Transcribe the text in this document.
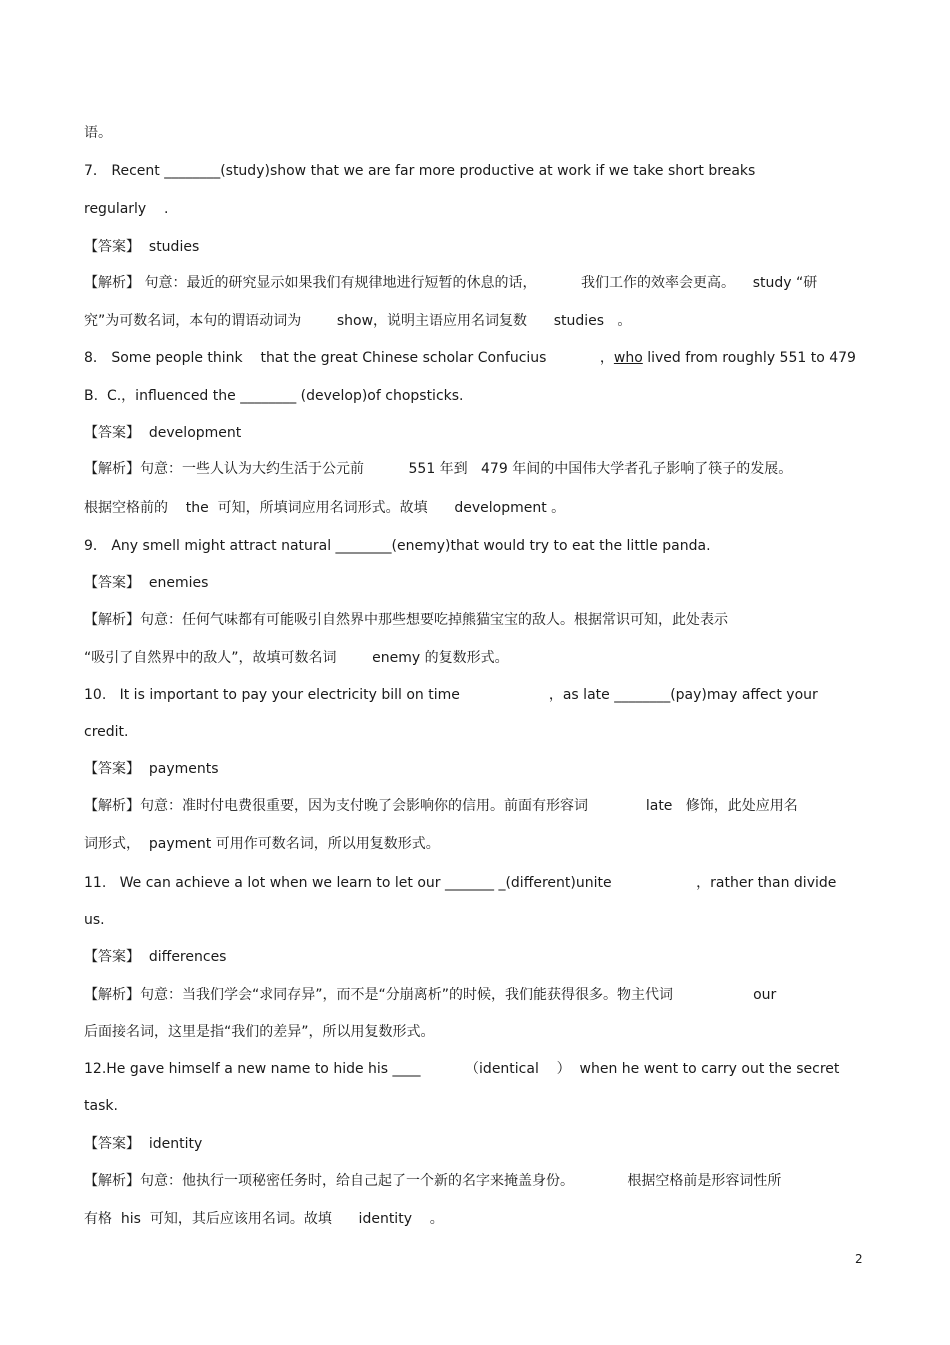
语。

7． Recent ________(study)show that we are far more productive at work if we take short breaks

regularly    .

【答案】  studies

【解析】 句意：最近的研究显示如果我们有规律地进行短暂的休息的话，          我们工作的效率会更高。    study “研

究”为可数名词，本句的谓语动词为        show，说明主语应用名词复数      studies   。

8． Some people think    that the great Chinese scholar Confucius            ，who lived from roughly 551 to 479

B.  C.，influenced the ________ (develop)of chopsticks.

【答案】  development

【解析】句意：一些人认为大约生活于公元前          551 年到   479 年间的中国伟大学者孔子影响了筷子的发展。

根据空格前的    the  可知，所填词应用名词形式。故填      development 。

9． Any smell might attract natural ________(enemy)that would try to eat the little panda.

【答案】  enemies

【解析】句意：任何气味都有可能吸引自然界中那些想要吃掉熊猫宝宝的敌人。根据常识可知，此处表示

“吸引了自然界中的敌人”，故填可数名词        enemy 的复数形式。

10.   It is important to pay your electricity bill on time                    ，as late ________(pay)may affect your

credit.

【答案】  payments

【解析】句意：准时付电费很重要，因为支付晚了会影响你的信用。前面有形容词             late   修饰，此处应用名

词形式，  payment 可用作可数名词，所以用复数形式。

11.   We can achieve a lot when we learn to let our _______ _(different)unite                   ，rather than divide

us.

【答案】  differences

【解析】句意：当我们学会“求同存异”，而不是“分崩离析”的时候，我们能获得很多。物主代词                  our

后面接名词，这里是指“我们的差异”，所以用复数形式。

12.He gave himself a new name to hide his ____          （identical    ）  when he went to carry out the secret

task.

【答案】  identity

【解析】句意：他执行一项秘密任务时，给自己起了一个新的名字来掩盖身份。            根据空格前是形容词性所

有格  his  可知，其后应该用名词。故填      identity    。

2
